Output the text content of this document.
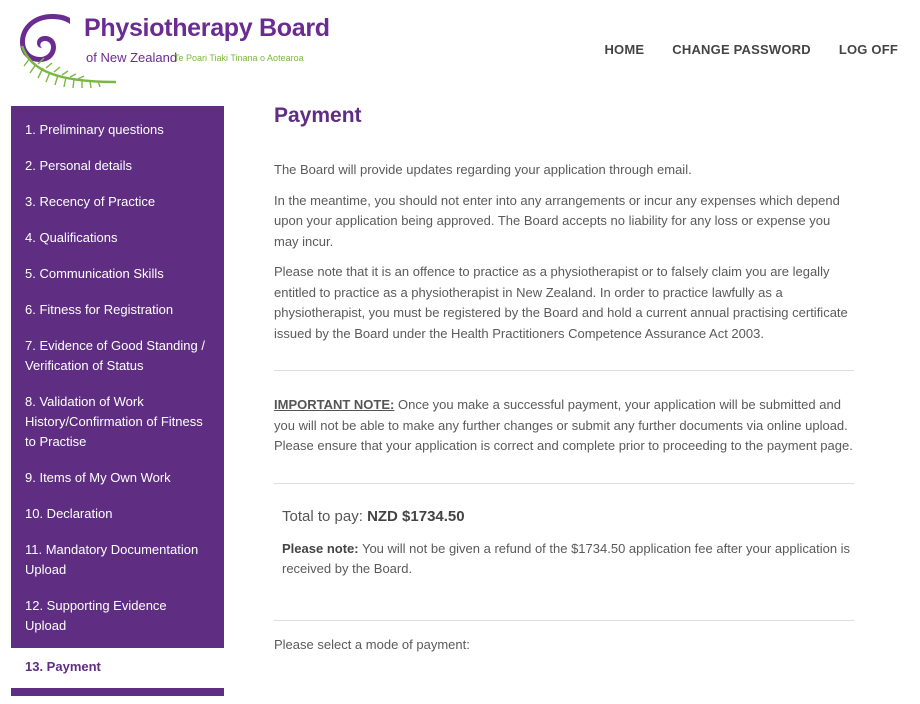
Physiotherapy Board
of New Zealand
Te Poari Tiaki Tinana o Aotearoa
HOME CHANGE PASSWORD LOG OFF
1. Preliminary questions
2. Personal details
3. Recency of Practice
4. Qualifications
5. Communication Skills
6. Fitness for Registration
7. Evidence of Good Standing / Verification of Status
8. Validation of Work History/Confirmation of Fitness to Practise
9. Items of My Own Work
10. Declaration
11. Mandatory Documentation Upload
12. Supporting Evidence Upload
13. Payment
Payment

The Board will provide updates regarding your application through email.

In the meantime, you should not enter into any arrangements or incur any expenses which depend upon your application being approved. The Board accepts no liability for any loss or expense you may incur.

Please note that it is an offence to practice as a physiotherapist or to falsely claim you are legally entitled to practice as a physiotherapist in New Zealand. In order to practice lawfully as a physiotherapist, you must be registered by the Board and hold a current annual practising certificate issued by the Board under the Health Practitioners Competence Assurance Act 2003.

IMPORTANT NOTE: Once you make a successful payment, your application will be submitted and you will not be able to make any further changes or submit any further documents via online upload. Please ensure that your application is correct and complete prior to proceeding to the payment page.

Total to pay: NZD $1734.50

Please note: You will not be given a refund of the $1734.50 application fee after your application is received by the Board.

Please select a mode of payment:
